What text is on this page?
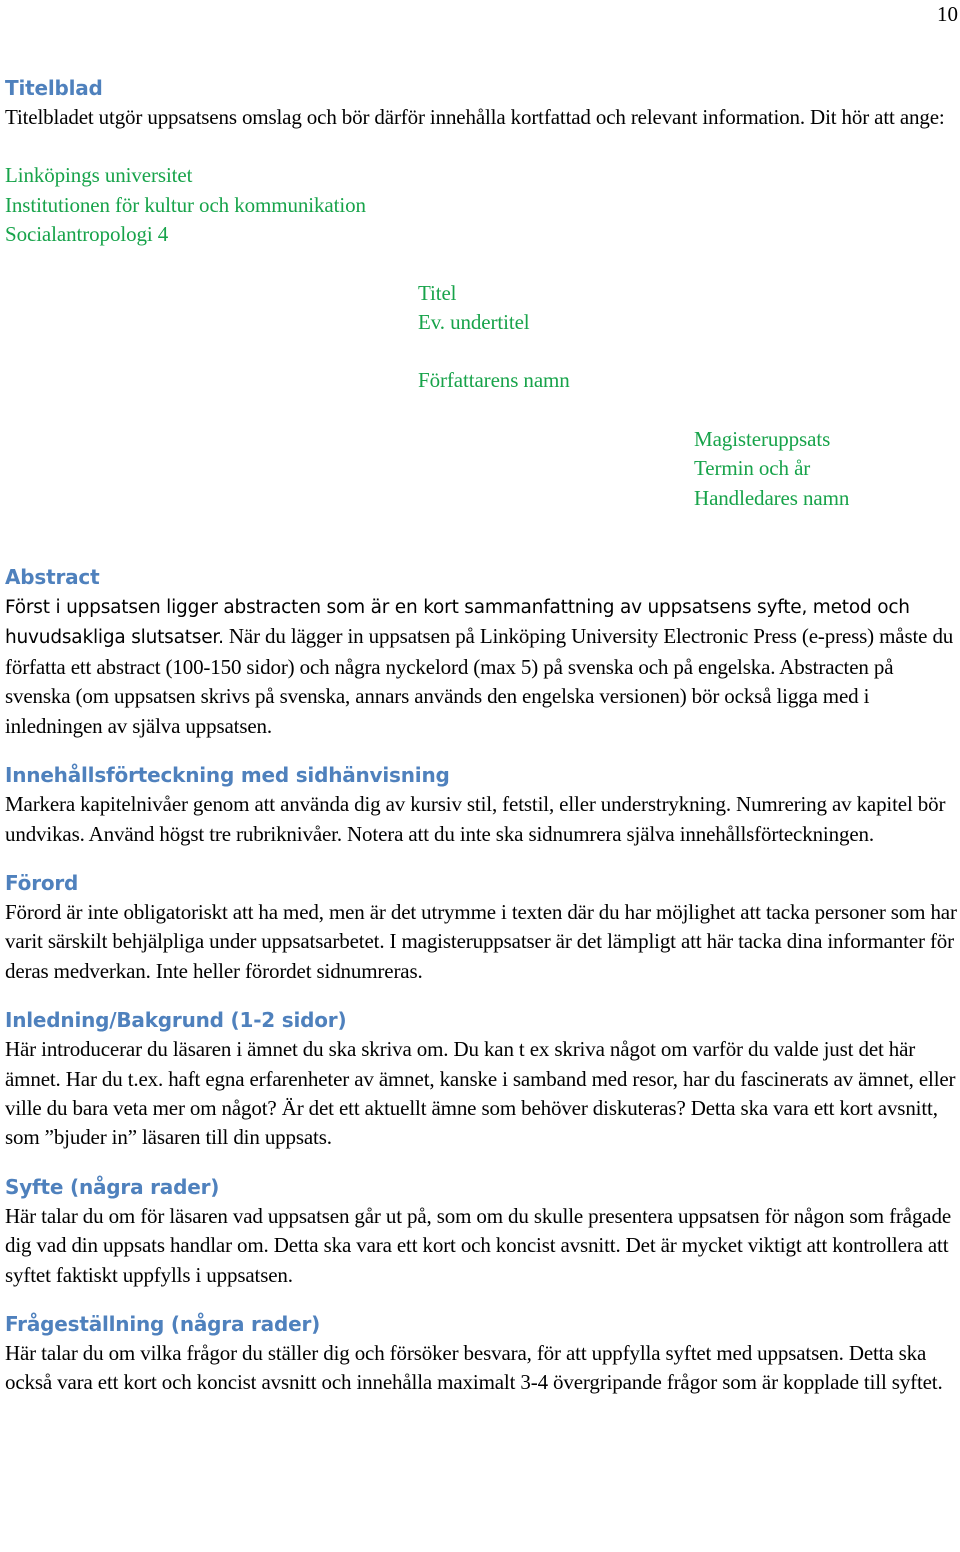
10
Titelblad

Titelbladet utgör uppsatsens omslag och bör därför innehålla kortfattad och relevant information. Dit hör att ange:

Linköpings universitet

Institutionen för kultur och kommunikation

Socialantropologi 4

Titel

Ev. undertitel

Författarens namn

Magisteruppsats

Termin och år

Handledares namn

Abstract

Först i uppsatsen ligger abstracten som är en kort sammanfattning av uppsatsens syfte, metod och huvudsakliga slutsatser. När du lägger in uppsatsen på Linköping University Electronic Press (e-press) måste du författa ett abstract (100-150 sidor) och några nyckelord (max 5) på svenska och på engelska. Abstracten på svenska (om uppsatsen skrivs på svenska, annars används den engelska versionen) bör också ligga med i inledningen av själva uppsatsen.

Innehållsförteckning med sidhänvisning

Markera kapitelnivåer genom att använda dig av kursiv stil, fetstil, eller understrykning. Numrering av kapitel bör undvikas. Använd högst tre rubriknivåer. Notera att du inte ska sidnumrera själva innehållsförteckningen.

Förord

Förord är inte obligatoriskt att ha med, men är det utrymme i texten där du har möjlighet att tacka personer som har varit särskilt behjälpliga under uppsatsarbetet. I magisteruppsatser är det lämpligt att här tacka dina informanter för deras medverkan. Inte heller förordet sidnumreras.

Inledning/Bakgrund (1-2 sidor)

Här introducerar du läsaren i ämnet du ska skriva om. Du kan t ex skriva något om varför du valde just det här ämnet. Har du t.ex. haft egna erfarenheter av ämnet, kanske i samband med resor, har du fascinerats av ämnet, eller ville du bara veta mer om något? Är det ett aktuellt ämne som behöver diskuteras? Detta ska vara ett kort avsnitt, som ”bjuder in” läsaren till din uppsats.

Syfte (några rader)

Här talar du om för läsaren vad uppsatsen går ut på, som om du skulle presentera uppsatsen för någon som frågade dig vad din uppsats handlar om. Detta ska vara ett kort och koncist avsnitt. Det är mycket viktigt att kontrollera att syftet faktiskt uppfylls i uppsatsen.

Frågeställning (några rader)

Här talar du om vilka frågor du ställer dig och försöker besvara, för att uppfylla syftet med uppsatsen. Detta ska också vara ett kort och koncist avsnitt och innehålla maximalt 3-4 övergripande frågor som är kopplade till syftet.
